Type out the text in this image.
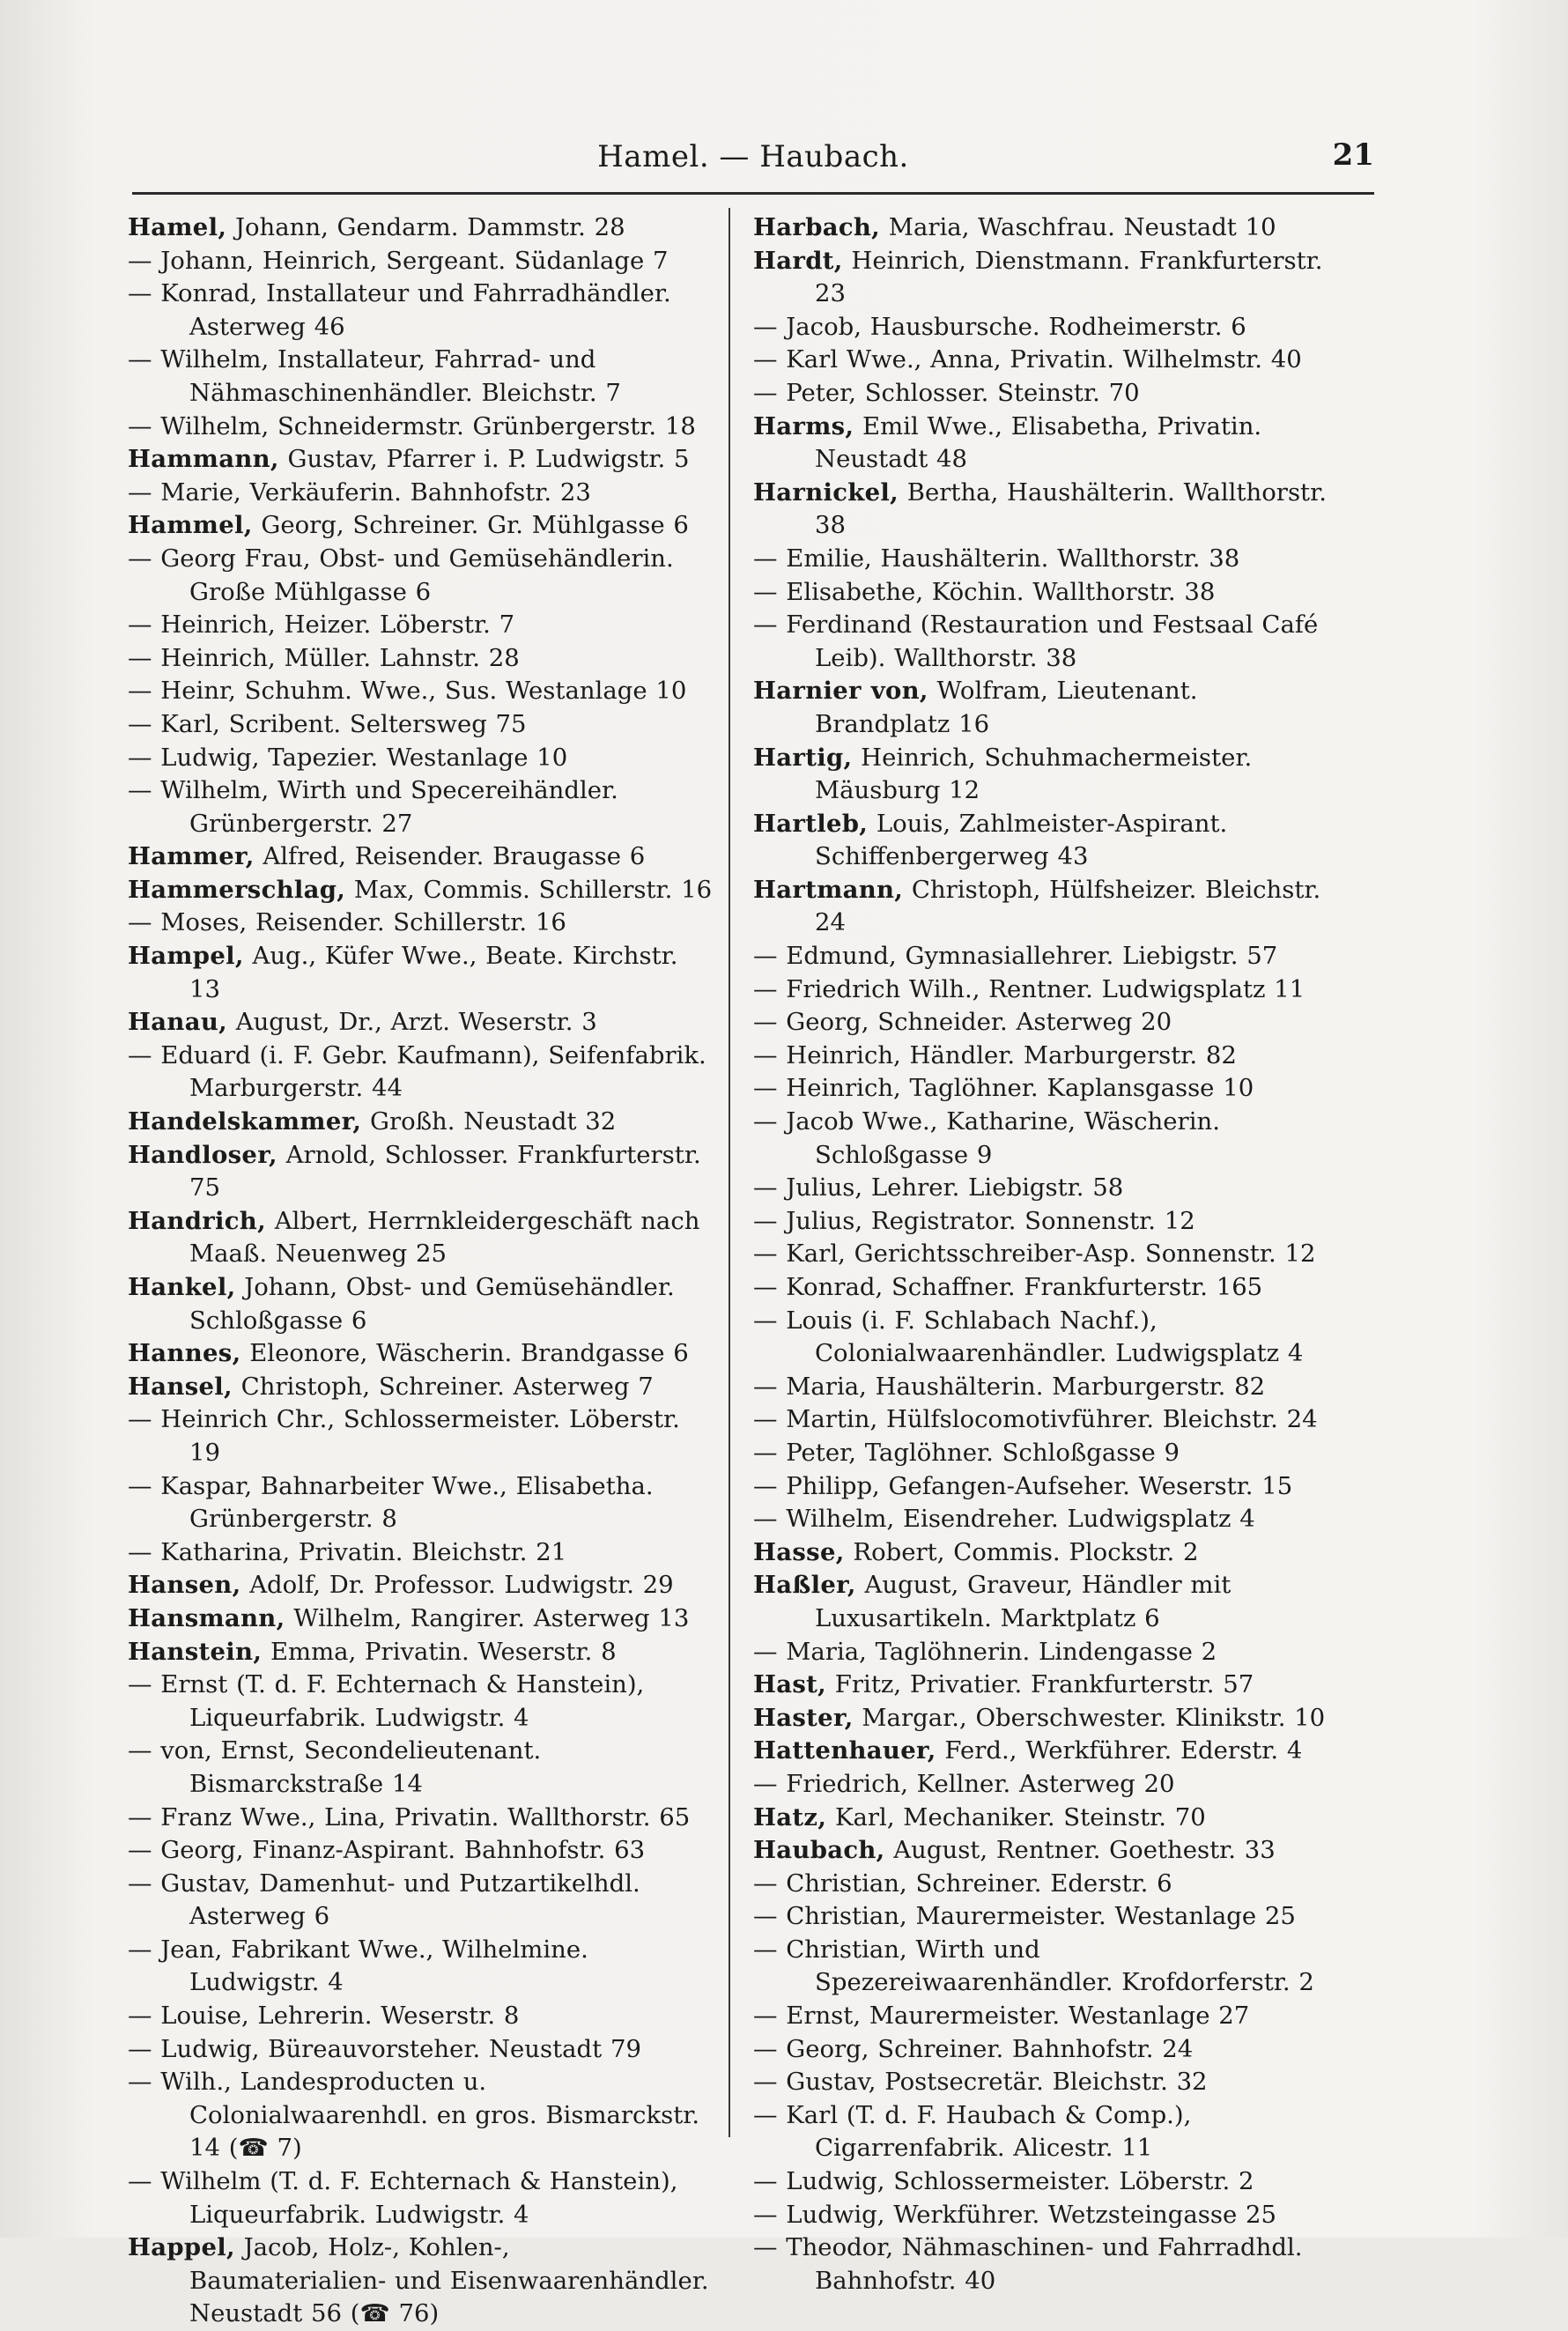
Hamel. — Haubach.	21
Hamel, Johann, Gendarm. Dammstr. 28
— Johann, Heinrich, Sergeant. Südanlage 7
— Konrad, Installateur und Fahrradhändler. Asterweg 46
— Wilhelm, Installateur, Fahrrad- und Nähmaschinenhändler. Bleichstr. 7
— Wilhelm, Schneidermstr. Grünbergerstr. 18
Hammann, Gustav, Pfarrer i. P. Ludwigstr. 5
— Marie, Verkäuferin. Bahnhofstr. 23
Hammel, Georg, Schreiner. Gr. Mühlgasse 6
— Georg Frau, Obst- und Gemüsehändlerin. Große Mühlgasse 6
— Heinrich, Heizer. Löberstr. 7
— Heinrich, Müller. Lahnstr. 28
— Heinr, Schuhm. Wwe., Sus. Westanlage 10
— Karl, Scribent. Seltersweg 75
— Ludwig, Tapezier. Westanlage 10
— Wilhelm, Wirth und Specereihändler. Grünbergerstr. 27
Hammer, Alfred, Reisender. Braugasse 6
Hammerschlag, Max, Commis. Schillerstr. 16
— Moses, Reisender. Schillerstr. 16
Hampel, Aug., Küfer Wwe., Beate. Kirchstr. 13
Hanau, August, Dr., Arzt. Weserstr. 3
— Eduard (i. F. Gebr. Kaufmann), Seifenfabrik. Marburgerstr. 44
Handelskammer, Großh. Neustadt 32
Handloser, Arnold, Schlosser. Frankfurterstr. 75
Handrich, Albert, Herrnkleidergeschäft nach Maaß. Neuenweg 25
Hankel, Johann, Obst- und Gemüsehändler. Schloßgasse 6
Hannes, Eleonore, Wäscherin. Brandgasse 6
Hansel, Christoph, Schreiner. Asterweg 7
— Heinrich Chr., Schlossermeister. Löberstr. 19
— Kaspar, Bahnarbeiter Wwe., Elisabetha. Grünbergerstr. 8
— Katharina, Privatin. Bleichstr. 21
Hansen, Adolf, Dr. Professor. Ludwigstr. 29
Hansmann, Wilhelm, Rangirer. Asterweg 13
Hanstein, Emma, Privatin. Weserstr. 8
— Ernst (T. d. F. Echternach & Hanstein), Liqueurfabrik. Ludwigstr. 4
— von, Ernst, Secondelieutenant. Bismarckstraße 14
— Franz Wwe., Lina, Privatin. Wallthorstr. 65
— Georg, Finanz-Aspirant. Bahnhofstr. 63
— Gustav, Damenhut- und Putzartikelhdl. Asterweg 6
— Jean, Fabrikant Wwe., Wilhelmine. Ludwigstr. 4
— Louise, Lehrerin. Weserstr. 8
— Ludwig, Büreauvorsteher. Neustadt 79
— Wilh., Landesproducten u. Colonialwaarenhdl. en gros. Bismarckstr. 14 (☎ 7)
— Wilhelm (T. d. F. Echternach & Hanstein), Liqueurfabrik. Ludwigstr. 4
Happel, Jacob, Holz-, Kohlen-, Baumaterialien- und Eisenwaarenhändler. Neustadt 56 (☎ 76)
Harbach, Maria, Waschfrau. Neustadt 10
Hardt, Heinrich, Dienstmann. Frankfurterstr. 23
— Jacob, Hausbursche. Rodheimerstr. 6
— Karl Wwe., Anna, Privatin. Wilhelmstr. 40
— Peter, Schlosser. Steinstr. 70
Harms, Emil Wwe., Elisabetha, Privatin. Neustadt 48
Harnickel, Bertha, Haushälterin. Wallthorstr. 38
— Emilie, Haushälterin. Wallthorstr. 38
— Elisabethe, Köchin. Wallthorstr. 38
— Ferdinand (Restauration und Festsaal Café Leib). Wallthorstr. 38
Harnier von, Wolfram, Lieutenant. Brandplatz 16
Hartig, Heinrich, Schuhmachermeister. Mäusburg 12
Hartleb, Louis, Zahlmeister-Aspirant. Schiffenbergerweg 43
Hartmann, Christoph, Hülfsheizer. Bleichstr. 24
— Edmund, Gymnasiallehrer. Liebigstr. 57
— Friedrich Wilh., Rentner. Ludwigsplatz 11
— Georg, Schneider. Asterweg 20
— Heinrich, Händler. Marburgerstr. 82
— Heinrich, Taglöhner. Kaplansgasse 10
— Jacob Wwe., Katharine, Wäscherin. Schloßgasse 9
— Julius, Lehrer. Liebigstr. 58
— Julius, Registrator. Sonnenstr. 12
— Karl, Gerichtsschreiber-Asp. Sonnenstr. 12
— Konrad, Schaffner. Frankfurterstr. 165
— Louis (i. F. Schlabach Nachf.), Colonialwaarenhändler. Ludwigsplatz 4
— Maria, Haushälterin. Marburgerstr. 82
— Martin, Hülfslocomotivführer. Bleichstr. 24
— Peter, Taglöhner. Schloßgasse 9
— Philipp, Gefangen-Aufseher. Weserstr. 15
— Wilhelm, Eisendreher. Ludwigsplatz 4
Hasse, Robert, Commis. Plockstr. 2
Haßler, August, Graveur, Händler mit Luxusartikeln. Marktplatz 6
— Maria, Taglöhnerin. Lindengasse 2
Hast, Fritz, Privatier. Frankfurterstr. 57
Haster, Margar., Oberschwester. Klinikstr. 10
Hattenhauer, Ferd., Werkführer. Ederstr. 4
— Friedrich, Kellner. Asterweg 20
Hatz, Karl, Mechaniker. Steinstr. 70
Haubach, August, Rentner. Goethestr. 33
— Christian, Schreiner. Ederstr. 6
— Christian, Maurermeister. Westanlage 25
— Christian, Wirth und Spezereiwaarenhändler. Krofdorferstr. 2
— Ernst, Maurermeister. Westanlage 27
— Georg, Schreiner. Bahnhofstr. 24
— Gustav, Postsecretär. Bleichstr. 32
— Karl (T. d. F. Haubach & Comp.), Cigarrenfabrik. Alicestr. 11
— Ludwig, Schlossermeister. Löberstr. 2
— Ludwig, Werkführer. Wetzsteingasse 25
— Theodor, Nähmaschinen- und Fahrradhdl. Bahnhofstr. 40
